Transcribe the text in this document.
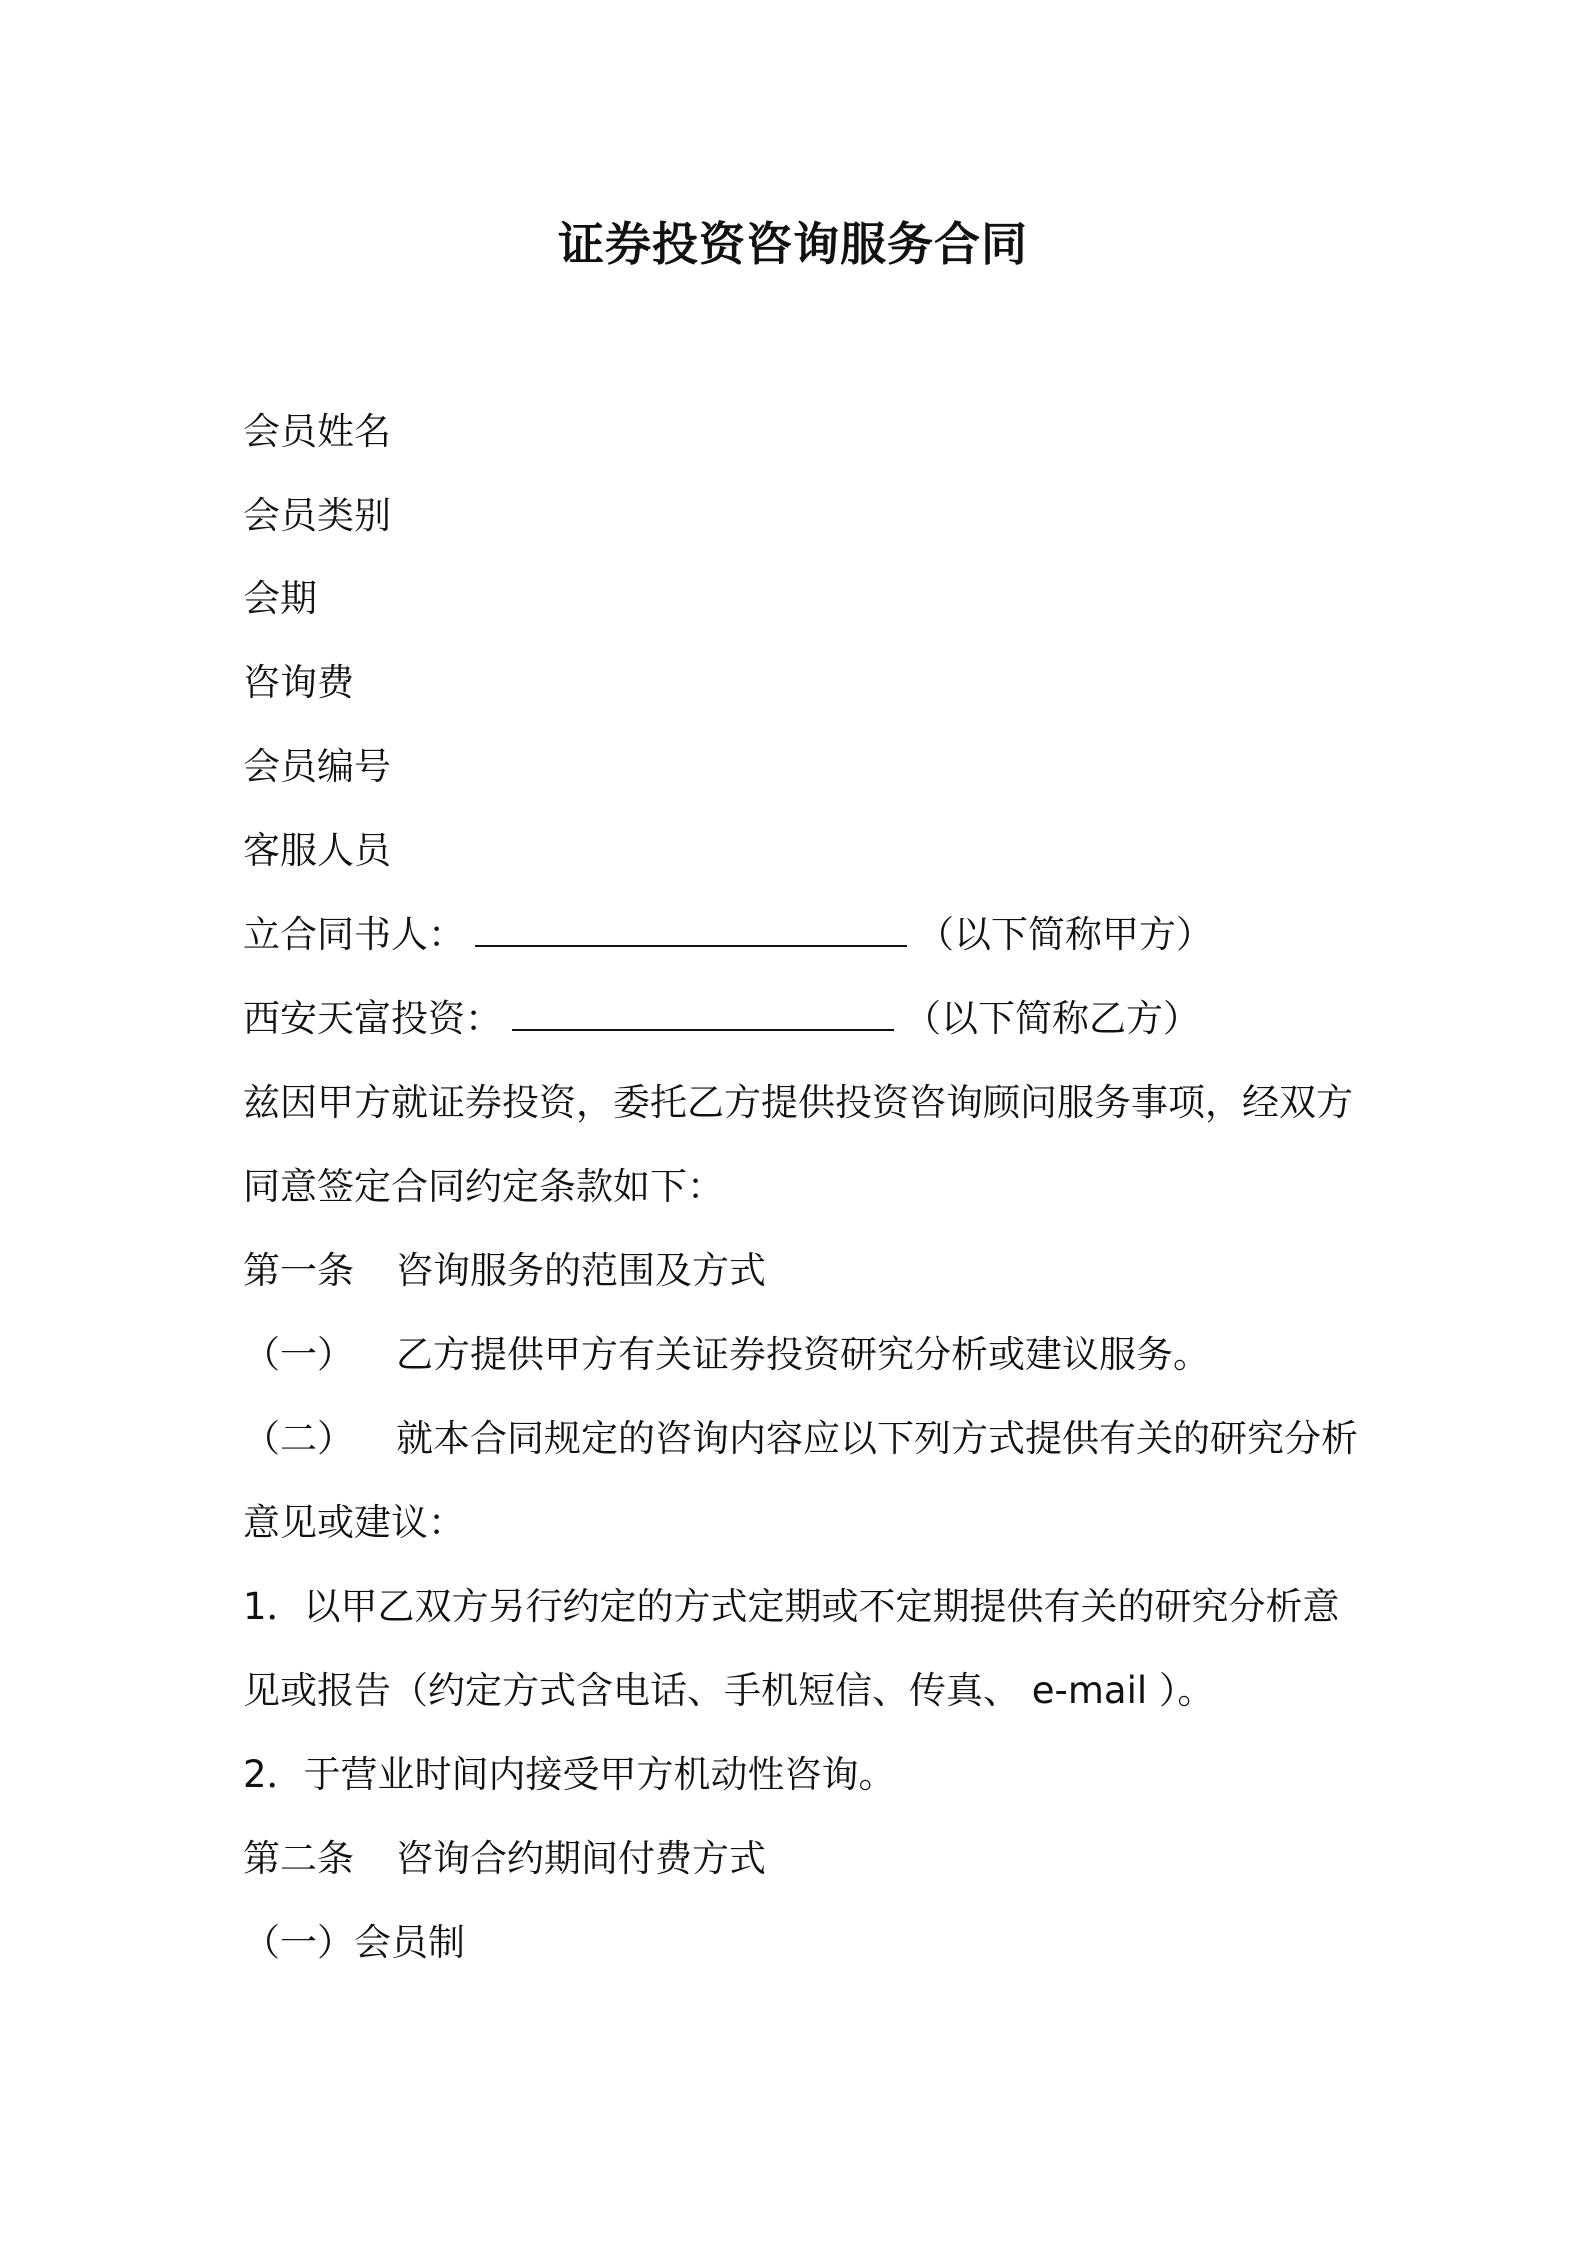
证券投资咨询服务合同
会员姓名
会员类别
会期
咨询费
会员编号
客服人员
立合同书人：	（以下简称甲方）
西安天富投资：	（以下简称乙方）
兹因甲方就证券投资，委托乙方提供投资咨询顾问服务事项，经双方
同意签定合同约定条款如下：
第一条 咨询服务的范围及方式
（一） 乙方提供甲方有关证券投资研究分析或建议服务。
（二） 就本合同规定的咨询内容应以下列方式提供有关的研究分析
意见或建议：
1．以甲乙双方另行约定的方式定期或不定期提供有关的研究分析意
见或报告（约定方式含电话、手机短信、传真、 e-mail ）。
2．于营业时间内接受甲方机动性咨询。
第二条 咨询合约期间付费方式
（一）会员制
